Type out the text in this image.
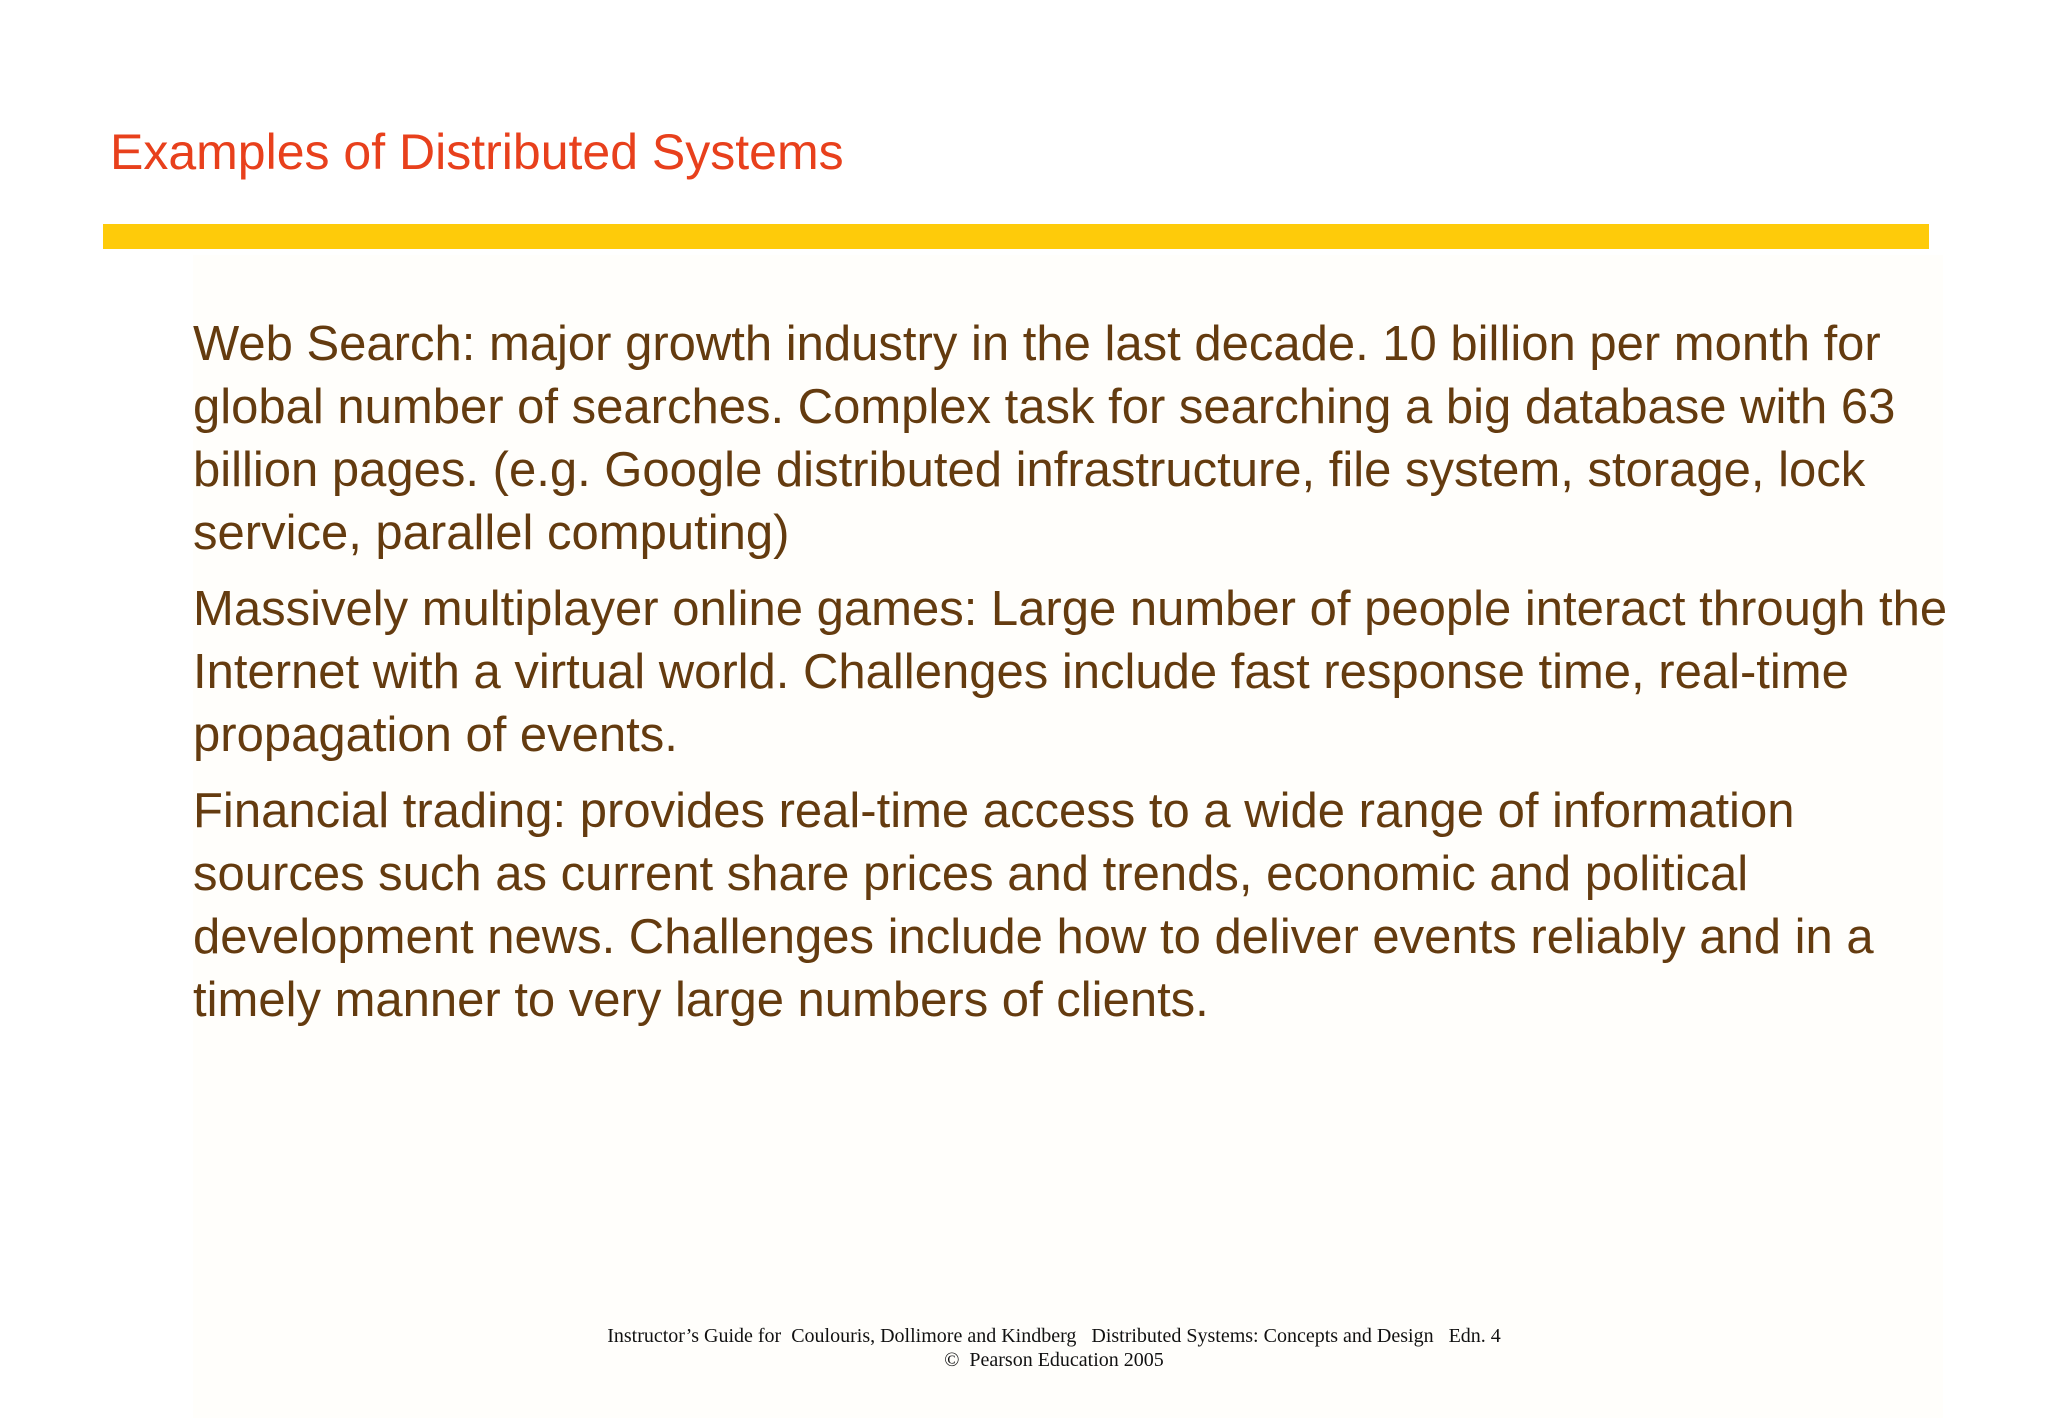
Examples of Distributed Systems
Web Search: major growth industry in the last decade. 10 billion per month for global number of searches. Complex task for searching a big database with 63 billion pages. (e.g. Google distributed infrastructure, file system, storage, lock service, parallel computing)
Massively multiplayer online games: Large number of people interact through the Internet with a virtual world. Challenges include fast response time, real-time propagation of events.
Financial trading: provides real-time access to a wide range of information sources such as current share prices and trends, economic and political development news. Challenges include how to deliver events reliably and in a timely manner to very large numbers of clients.
Instructor’s Guide for  Coulouris, Dollimore and Kindberg   Distributed Systems: Concepts and Design   Edn. 4
©  Pearson Education 2005
